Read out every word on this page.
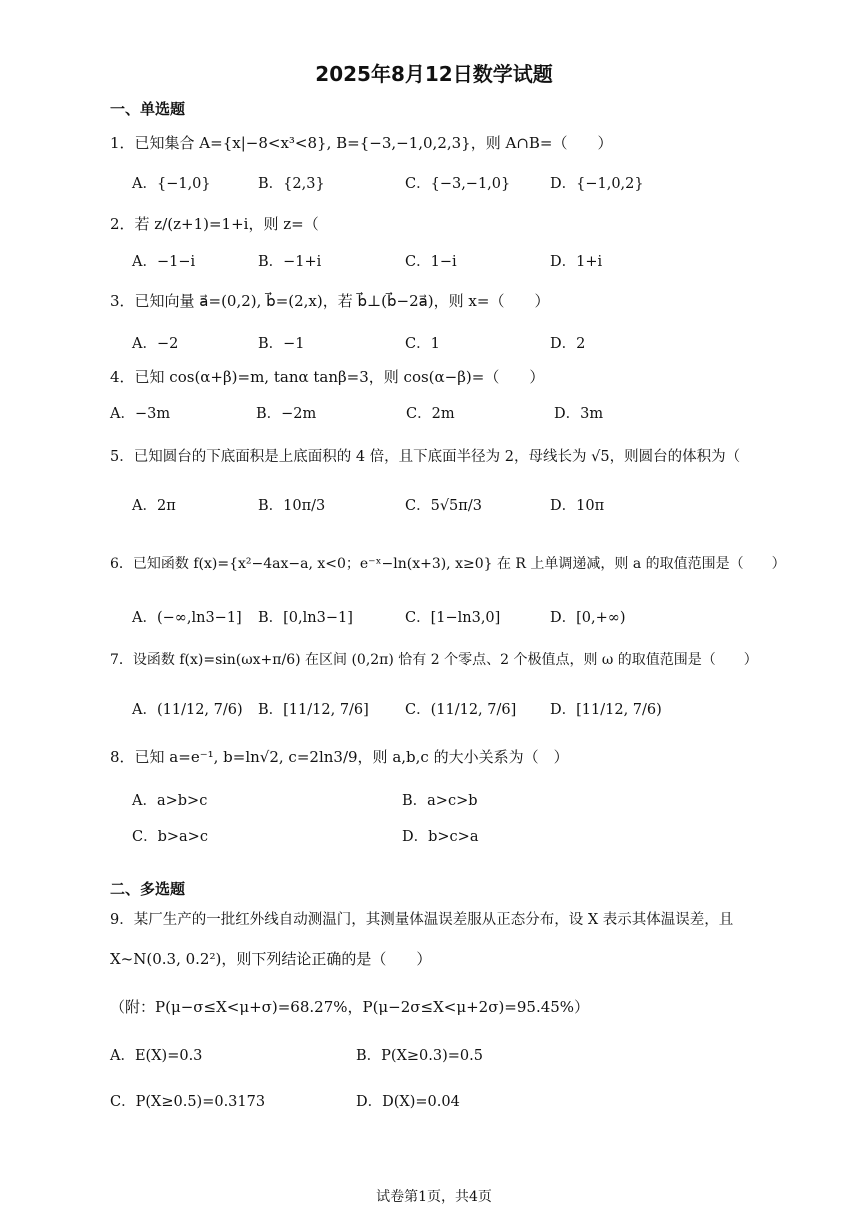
2025年8月12日数学试题
一、单选题
1．已知集合 A={x|−8<x³<8}, B={−3,−1,0,2,3}，则 A∩B=（　　）
A．{−1,0}	B．{2,3}	C．{−3,−1,0}	D．{−1,0,2}
2．若 z/(z+1)=1+i，则 z=（
A．−1−i	B．−1+i	C．1−i	D．1+i
3．已知向量 a⃗=(0,2), b⃗=(2,x)，若 b⃗⊥(b⃗−2a⃗)，则 x=（　　）
A．−2	B．−1	C．1	D．2
4．已知 cos(α+β)=m, tanα tanβ=3，则 cos(α−β)=（　　）
A．−3m	B．−2m	C．2m	D．3m
5．已知圆台的下底面积是上底面积的 4 倍，且下底面半径为 2，母线长为 √5，则圆台的体积为（
A．2π	B．10π/3	C．5√5π/3	D．10π
6．已知函数 f(x)={x²−4ax−a, x<0；e⁻ˣ−ln(x+3), x≥0} 在 R 上单调递减，则 a 的取值范围是（　　）
A．(−∞,ln3−1] B．[0,ln3−1]	C．[1−ln3,0]	D．[0,+∞)
7．设函数 f(x)=sin(ωx+π/6) 在区间 (0,2π) 恰有 2 个零点、2 个极值点，则 ω 的取值范围是（　　）
A．(11/12, 7/6) B．[11/12, 7/6] C．(11/12, 7/6] D．[11/12, 7/6)
8．已知 a=e⁻¹, b=ln√2, c=2ln3/9，则 a,b,c 的大小关系为（　）
A．a>b>c	B．a>c>b
C．b>a>c	D．b>c>a
二、多选题
9．某厂生产的一批红外线自动测温门，其测量体温误差服从正态分布，设 X 表示其体温误差，且
X~N(0.3, 0.2²)，则下列结论正确的是（　　）
（附：P(μ−σ≤X<μ+σ)=68.27%，P(μ−2σ≤X<μ+2σ)=95.45%）
A．E(X)=0.3	B．P(X≥0.3)=0.5
C．P(X≥0.5)=0.3173	D．D(X)=0.04
试卷第1页，共4页
